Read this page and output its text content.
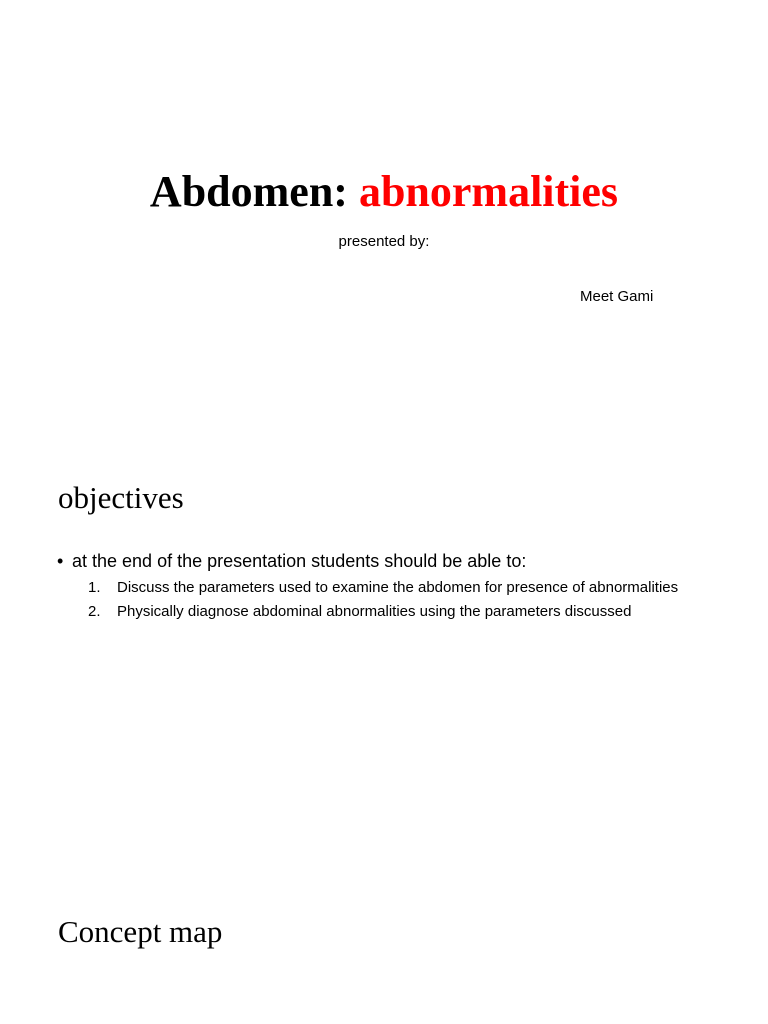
Abdomen: abnormalities
presented by:
Meet Gami
objectives
• at the end of the presentation students should be able to:
1.	Discuss the parameters used to examine the abdomen for presence of abnormalities
2.	Physically diagnose abdominal abnormalities using the parameters discussed
Concept map
